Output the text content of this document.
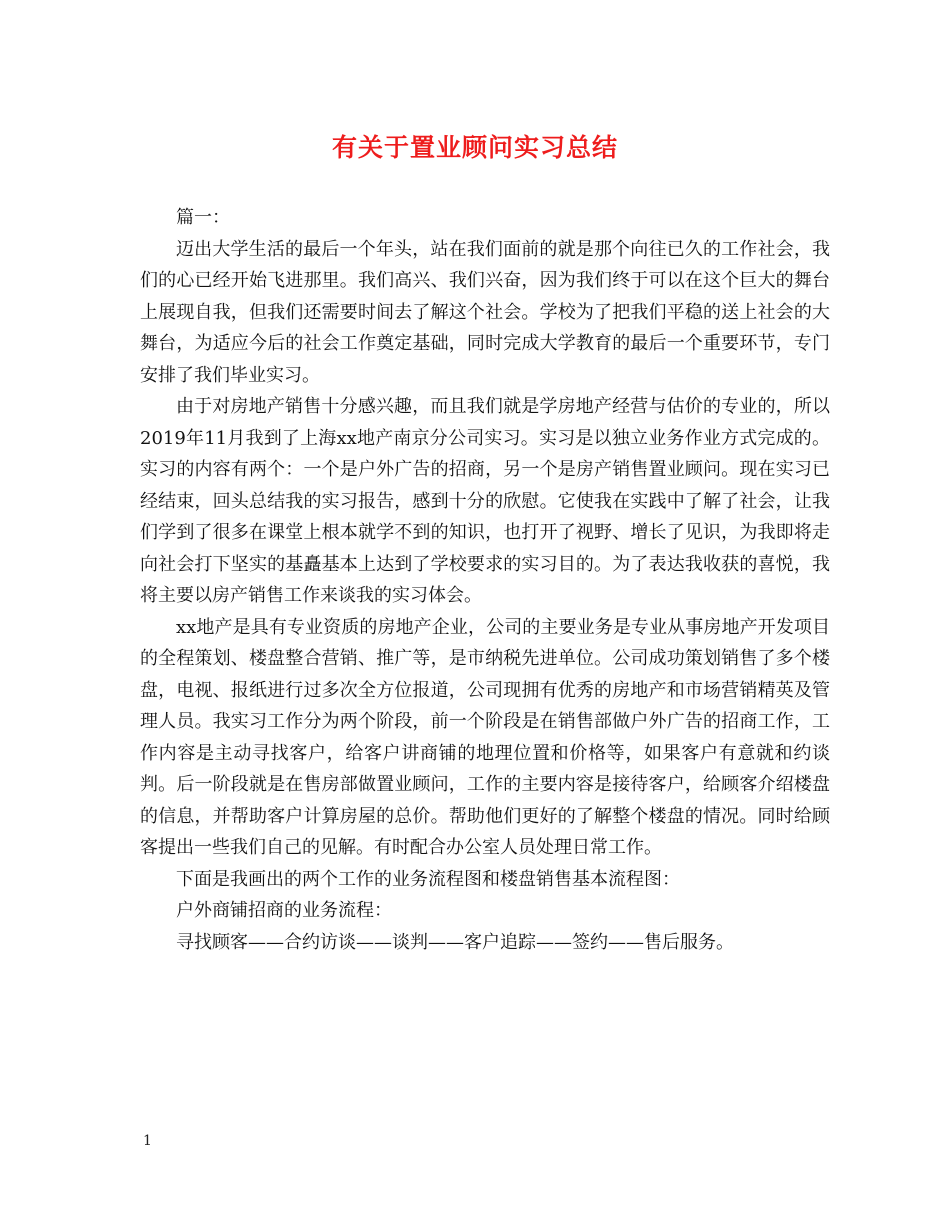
有关于置业顾问实习总结

篇一：

迈出大学生活的最后一个年头，站在我们面前的就是那个向往已久的工作社会，我们的心已经开始飞进那里。我们高兴、我们兴奋，因为我们终于可以在这个巨大的舞台上展现自我，但我们还需要时间去了解这个社会。学校为了把我们平稳的送上社会的大舞台，为适应今后的社会工作奠定基础，同时完成大学教育的最后一个重要环节，专门安排了我们毕业实习。

由于对房地产销售十分感兴趣，而且我们就是学房地产经营与估价的专业的，所以2019年11月我到了上海xx地产南京分公司实习。实习是以独立业务作业方式完成的。实习的内容有两个：一个是户外广告的招商，另一个是房产销售置业顾问。现在实习已经结束，回头总结我的实习报告，感到十分的欣慰。它使我在实践中了解了社会，让我们学到了很多在课堂上根本就学不到的知识，也打开了视野、增长了见识，为我即将走向社会打下坚实的基矗基本上达到了学校要求的实习目的。为了表达我收获的喜悦，我将主要以房产销售工作来谈我的实习体会。

xx地产是具有专业资质的房地产企业，公司的主要业务是专业从事房地产开发项目的全程策划、楼盘整合营销、推广等，是市纳税先进单位。公司成功策划销售了多个楼盘，电视、报纸进行过多次全方位报道，公司现拥有优秀的房地产和市场营销精英及管理人员。我实习工作分为两个阶段，前一个阶段是在销售部做户外广告的招商工作，工作内容是主动寻找客户，给客户讲商铺的地理位置和价格等，如果客户有意就和约谈判。后一阶段就是在售房部做置业顾问，工作的主要内容是接待客户，给顾客介绍楼盘的信息，并帮助客户计算房屋的总价。帮助他们更好的了解整个楼盘的情况。同时给顾客提出一些我们自己的见解。有时配合办公室人员处理日常工作。

下面是我画出的两个工作的业务流程图和楼盘销售基本流程图：

户外商铺招商的业务流程：

寻找顾客——合约访谈——谈判——客户追踪——签约——售后服务。

1
